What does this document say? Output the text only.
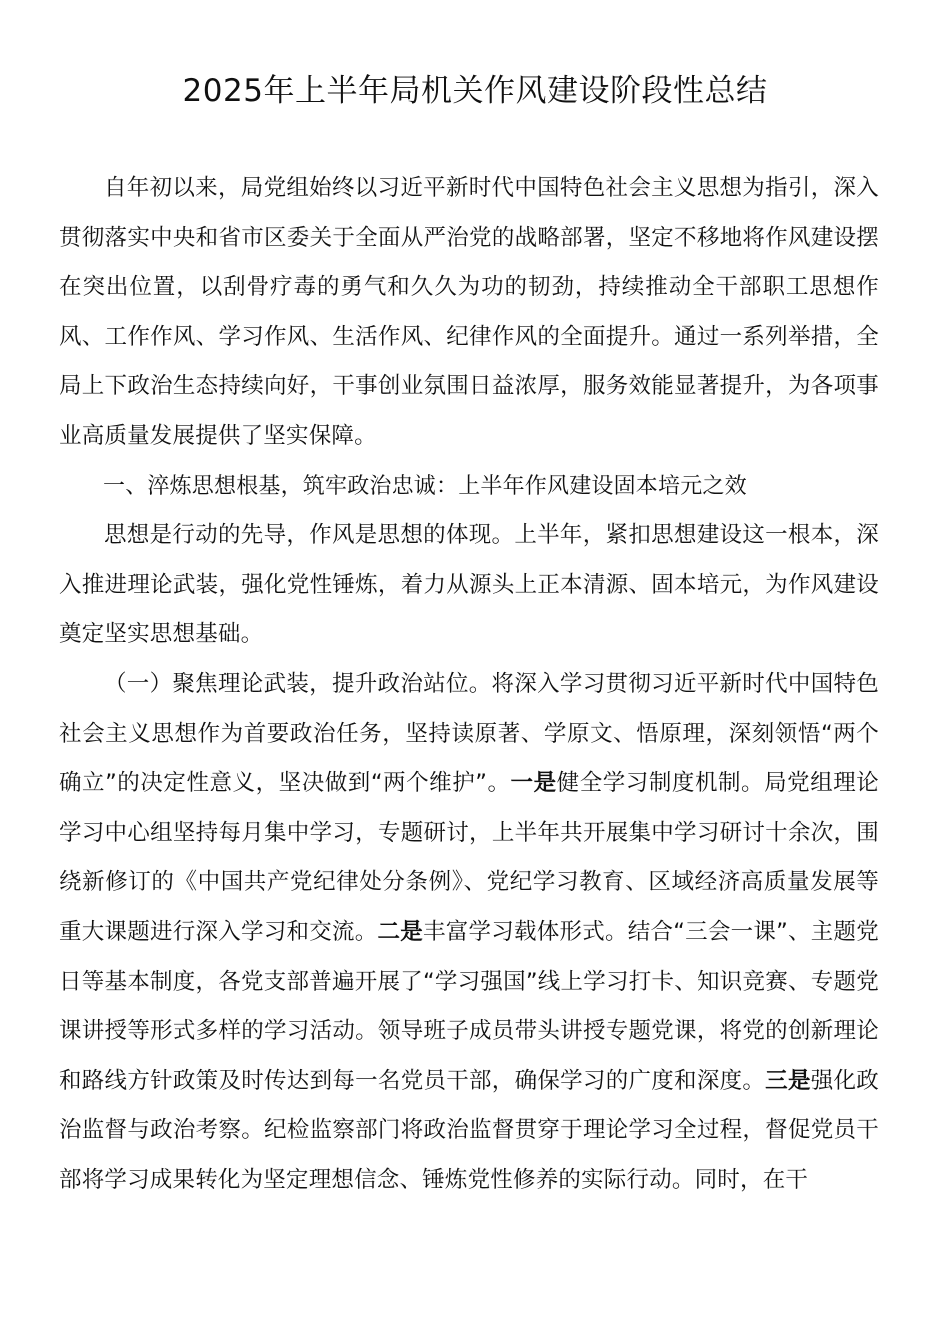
2025年上半年局机关作风建设阶段性总结

自年初以来，局党组始终以习近平新时代中国特色社会主义思想为指引，深入贯彻落实中央和省市区委关于全面从严治党的战略部署，坚定不移地将作风建设摆在突出位置，以刮骨疗毒的勇气和久久为功的韧劲，持续推动全干部职工思想作风、工作作风、学习作风、生活作风、纪律作风的全面提升。通过一系列举措，全局上下政治生态持续向好，干事创业氛围日益浓厚，服务效能显著提升，为各项事业高质量发展提供了坚实保障。

一、淬炼思想根基，筑牢政治忠诚：上半年作风建设固本培元之效

思想是行动的先导，作风是思想的体现。上半年，紧扣思想建设这一根本，深入推进理论武装，强化党性锤炼，着力从源头上正本清源、固本培元，为作风建设奠定坚实思想基础。

（一）聚焦理论武装，提升政治站位。将深入学习贯彻习近平新时代中国特色社会主义思想作为首要政治任务，坚持读原著、学原文、悟原理，深刻领悟“两个确立”的决定性意义，坚决做到“两个维护”。一是健全学习制度机制。局党组理论学习中心组坚持每月集中学习，专题研讨，上半年共开展集中学习研讨十余次，围绕新修订的《中国共产党纪律处分条例》、党纪学习教育、区域经济高质量发展等重大课题进行深入学习和交流。二是丰富学习载体形式。结合“三会一课”、主题党日等基本制度，各党支部普遍开展了“学习强国”线上学习打卡、知识竞赛、专题党课讲授等形式多样的学习活动。领导班子成员带头讲授专题党课，将党的创新理论和路线方针政策及时传达到每一名党员干部，确保学习的广度和深度。三是强化政治监督与政治考察。纪检监察部门将政治监督贯穿于理论学习全过程，督促党员干部将学习成果转化为坚定理想信念、锤炼党性修养的实际行动。同时，在干
